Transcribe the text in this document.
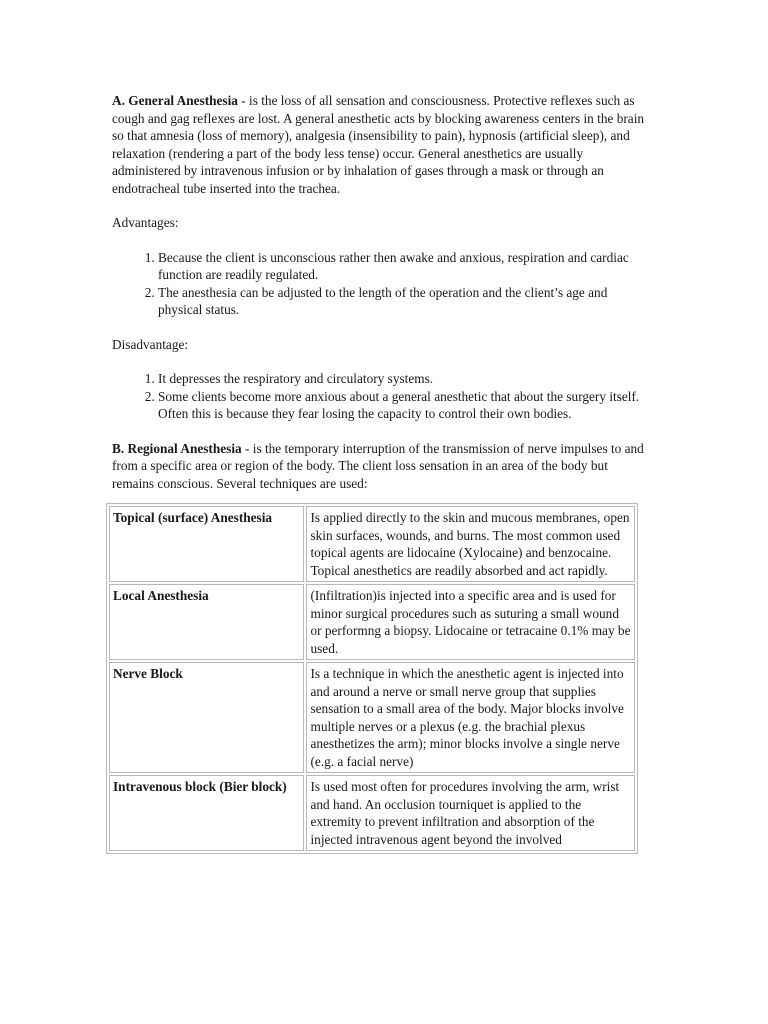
A. General Anesthesia - is the loss of all sensation and consciousness. Protective reflexes such as cough and gag reflexes are lost. A general anesthetic acts by blocking awareness centers in the brain so that amnesia (loss of memory), analgesia (insensibility to pain), hypnosis (artificial sleep), and relaxation (rendering a part of the body less tense) occur. General anesthetics are usually administered by intravenous infusion or by inhalation of gases through a mask or through an endotracheal tube inserted into the trachea.

Advantages:

1. Because the client is unconscious rather then awake and anxious, respiration and cardiac function are readily regulated.
2. The anesthesia can be adjusted to the length of the operation and the client’s age and physical status.

Disadvantage:

1. It depresses the respiratory and circulatory systems.
2. Some clients become more anxious about a general anesthetic that about the surgery itself. Often this is because they fear losing the capacity to control their own bodies.

B. Regional Anesthesia - is the temporary interruption of the transmission of nerve impulses to and from a specific area or region of the body. The client loss sensation in an area of the body but remains conscious. Several techniques are used:

Topical (surface) Anesthesia	Is applied directly to the skin and mucous membranes, open skin surfaces, wounds, and burns. The most common used topical agents are lidocaine (Xylocaine) and benzocaine. Topical anesthetics are readily absorbed and act rapidly.
Local Anesthesia	(Infiltration)is injected into a specific area and is used for minor surgical procedures such as suturing a small wound or performng a biopsy. Lidocaine or tetracaine 0.1% may be used.
Nerve Block	Is a technique in which the anesthetic agent is injected into and around a nerve or small nerve group that supplies sensation to a small area of the body. Major blocks involve multiple nerves or a plexus (e.g. the brachial plexus anesthetizes the arm); minor blocks involve a single nerve (e.g. a facial nerve)
Intravenous block (Bier block)	Is used most often for procedures involving the arm, wrist and hand. An occlusion tourniquet is applied to the extremity to prevent infiltration and absorption of the injected intravenous agent beyond the involved
